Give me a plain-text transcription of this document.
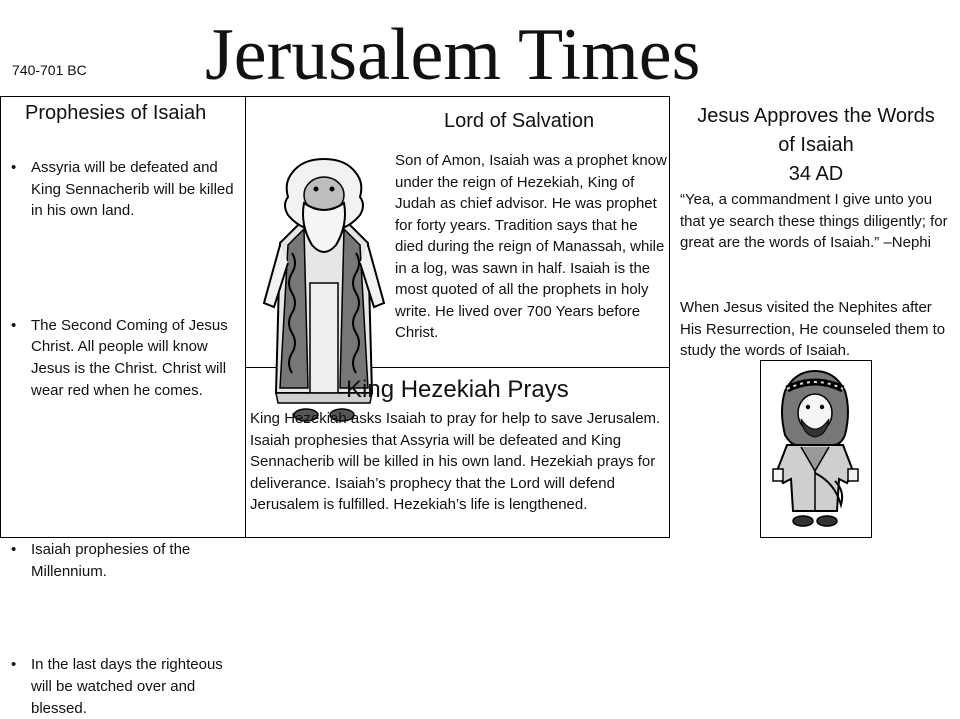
740-701 BC Jerusalem Times
Prophesies of Isaiah
• Assyria will be defeated and King Sennacherib will be killed in his own land.
• The Second Coming of Jesus Christ. All people will know Jesus is the Christ. Christ will wear red when he comes.
• Isaiah prophesies of the Millennium.
• In the last days the righteous will be watched over and blessed.
Lord of Salvation
Son of Amon, Isaiah was a prophet know under the reign of Hezekiah, King of Judah as chief advisor. He was prophet for forty years. Tradition says that he died during the reign of Manassah, while in a log, was sawn in half. Isaiah is the most quoted of all the prophets in holy write. He lived over 700 Years before Christ.
King Hezekiah Prays
King Hezekiah asks Isaiah to pray for help to save Jerusalem. Isaiah prophesies that Assyria will be defeated and King Sennacherib will be killed in his own land. Hezekiah prays for deliverance. Isaiah’s prophecy that the Lord will defend Jerusalem is fulfilled. Hezekiah’s life is lengthened.
Jesus Approves the Words
of Isaiah
34 AD
“Yea, a commandment I give unto you that ye search these things diligently; for great are the words of Isaiah.” –Nephi
When Jesus visited the Nephites after His Resurrection, He counseled them to study the words of Isaiah.
